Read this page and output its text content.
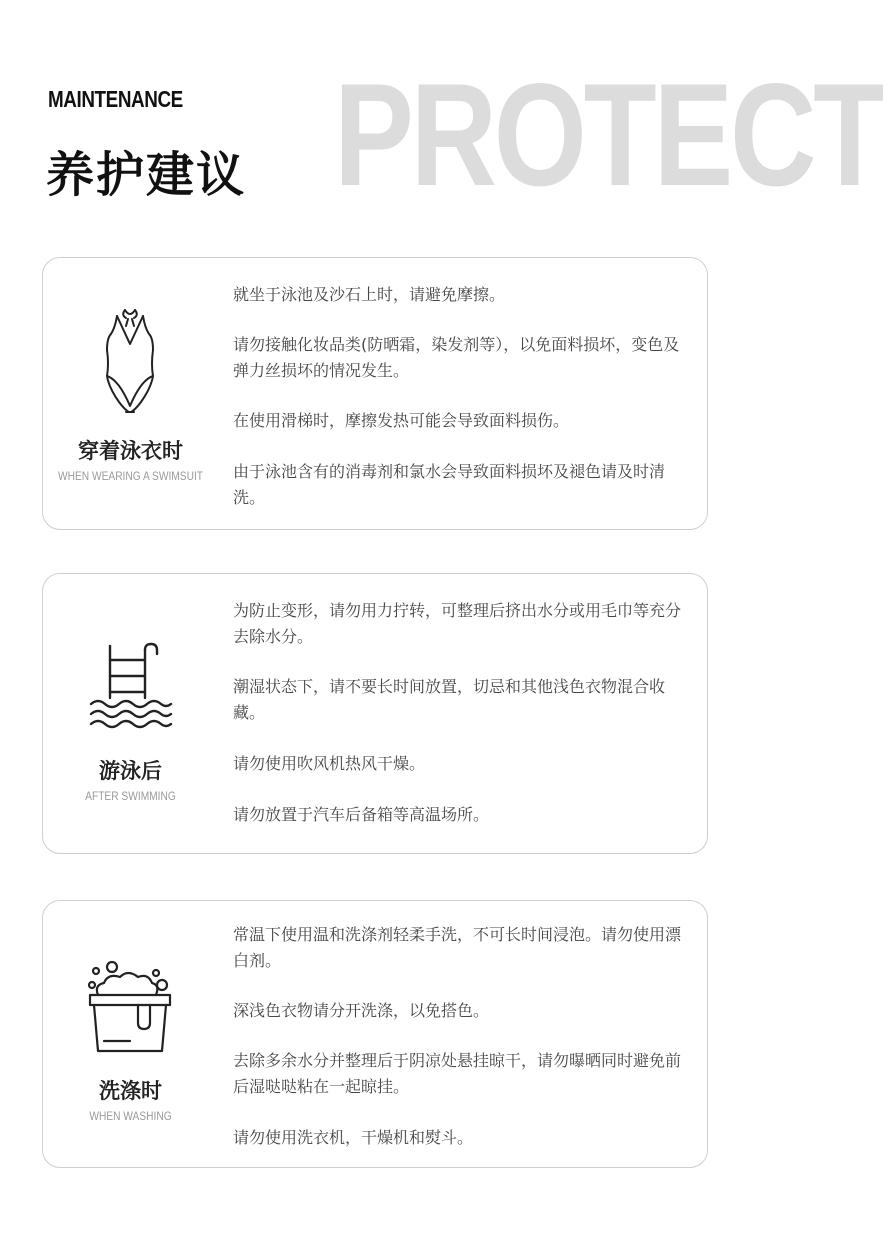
PROTECT
MAINTENANCE
养护建议
穿着泳衣时
WHEN WEARING A SWIMSUIT

就坐于泳池及沙石上时，请避免摩擦。

请勿接触化妆品类(防晒霜，染发剂等），以免面料损坏，变色及弹力丝损坏的情况发生。

在使用滑梯时，摩擦发热可能会导致面料损伤。

由于泳池含有的消毒剂和氯水会导致面料损坏及褪色请及时清洗。

游泳后
AFTER SWIMMING

为防止变形，请勿用力拧转，可整理后挤出水分或用毛巾等充分去除水分。

潮湿状态下，请不要长时间放置，切忌和其他浅色衣物混合收藏。

请勿使用吹风机热风干燥。

请勿放置于汽车后备箱等高温场所。

洗涤时
WHEN WASHING

常温下使用温和洗涤剂轻柔手洗，不可长时间浸泡。请勿使用漂白剂。

深浅色衣物请分开洗涤，以免搭色。

去除多余水分并整理后于阴凉处悬挂晾干，请勿曝晒同时避免前后湿哒哒粘在一起晾挂。

请勿使用洗衣机，干燥机和熨斗。
